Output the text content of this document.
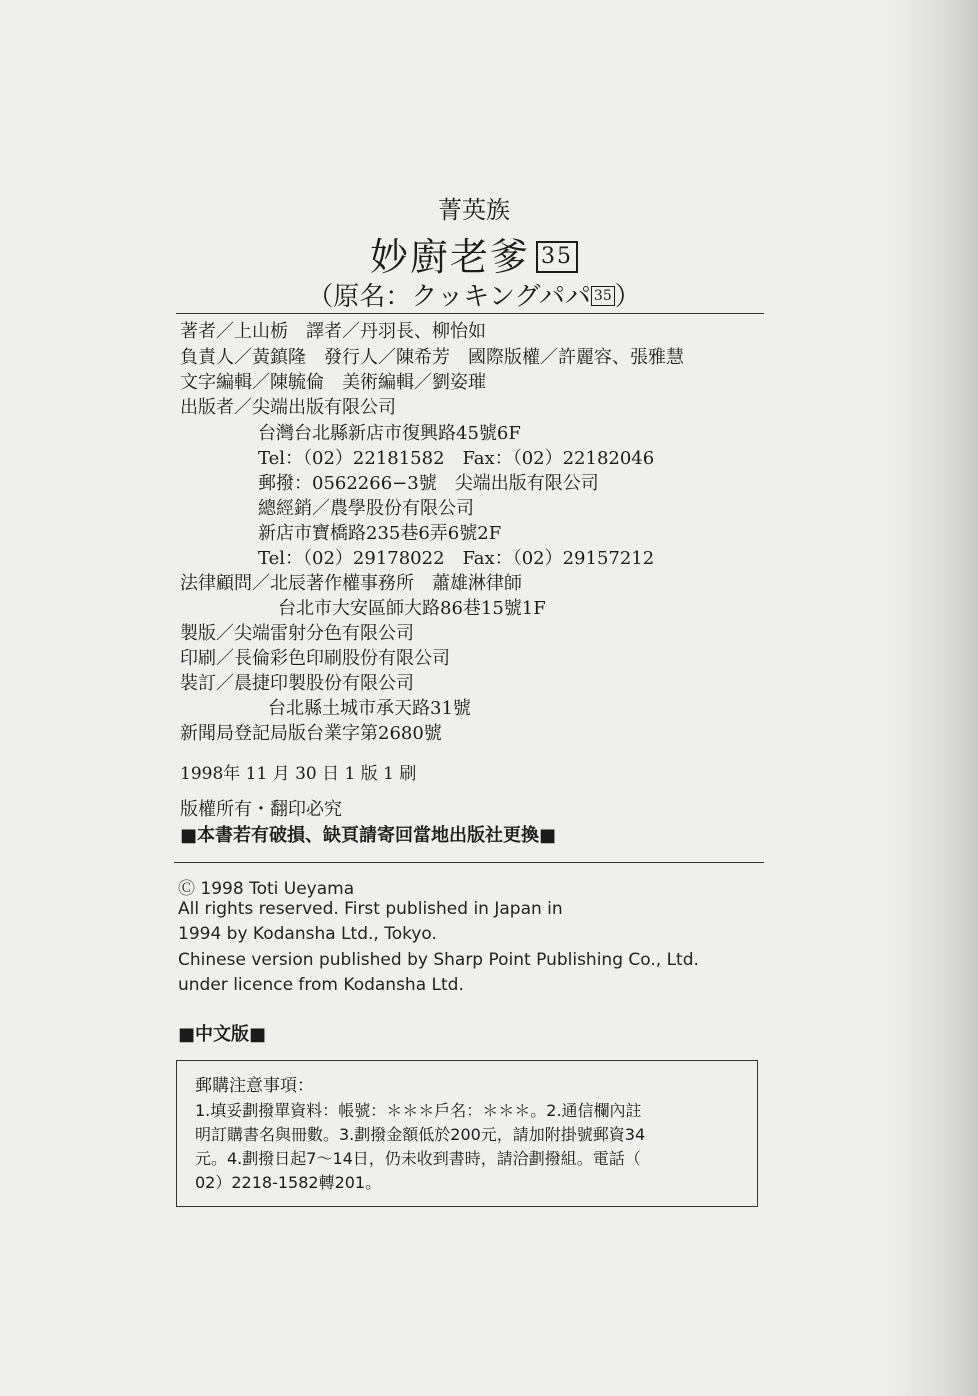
菁英族
妙廚老爹 35
（原名：クッキングパパ 35 ）
著者／上山栃　譯者／丹羽長、柳怡如
負責人／黃鎮隆　發行人／陳希芳　國際版權／許麗容、張雅慧
文字編輯／陳毓倫　美術編輯／劉姿璀
出版者／尖端出版有限公司
台灣台北縣新店市復興路45號6F
Tel：（02）22181582　Fax：（02）22182046
郵撥：0562266−3號　尖端出版有限公司
總經銷／農學股份有限公司
新店市寶橋路235巷6弄6號2F
Tel：（02）29178022　Fax：（02）29157212
法律顧問／北辰著作權事務所　蕭雄淋律師
台北市大安區師大路86巷15號1F
製版／尖端雷射分色有限公司
印刷／長倫彩色印刷股份有限公司
裝訂／晨捷印製股份有限公司
台北縣土城市承天路31號
新聞局登記局版台業字第2680號
1998年 11 月 30 日 1 版 1 刷
版權所有・翻印必究
■本書若有破損、缺頁請寄回當地出版社更換■
Ⓒ 1998 Toti Ueyama
All rights reserved. First published in Japan in
1994 by Kodansha Ltd., Tokyo.
Chinese version published by Sharp Point Publishing Co., Ltd.
under licence from Kodansha Ltd.
■中文版■
郵購注意事項：
1.填妥劃撥單資料：帳號：＊＊＊戶名：＊＊＊。2.通信欄內註
明訂購書名與冊數。3.劃撥金額低於200元，請加附掛號郵資34
元。4.劃撥日起7～14日，仍未收到書時，請洽劃撥組。電話（
02）2218-1582轉201。
